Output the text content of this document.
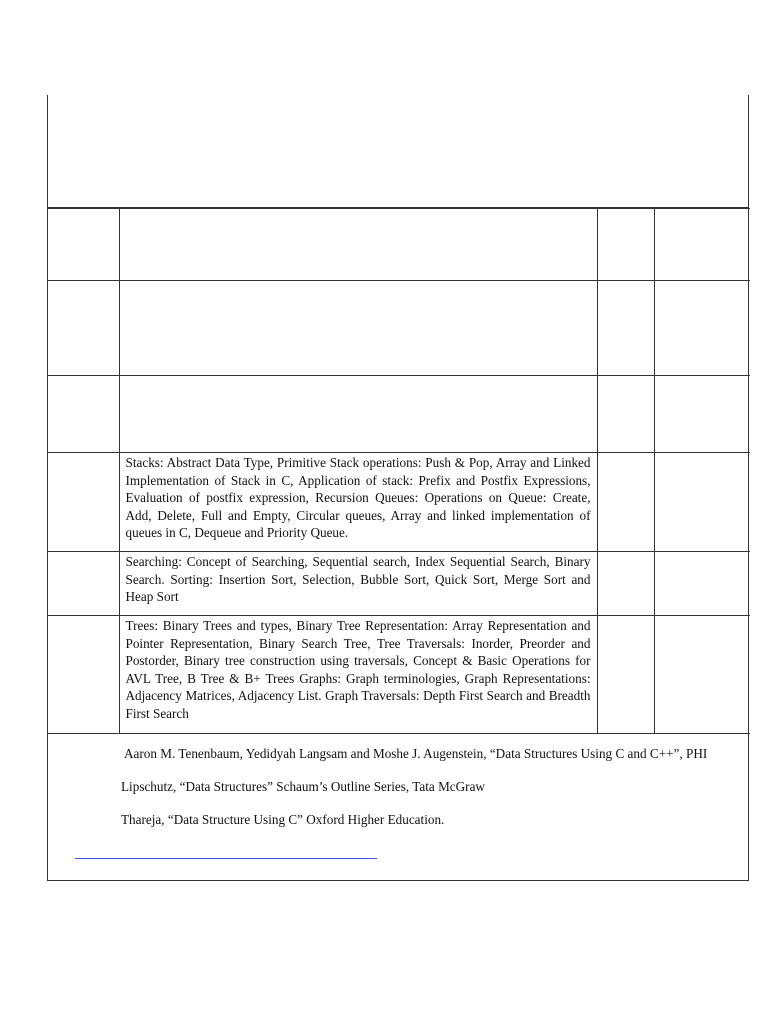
	Stacks: Abstract Data Type, Primitive Stack operations: Push & Pop, Array and Linked Implementation of Stack in C, Application of stack: Prefix and Postfix Expressions, Evaluation of postfix expression, Recursion Queues: Operations on Queue: Create, Add, Delete, Full and Empty, Circular queues, Array and linked implementation of queues in C, Dequeue and Priority Queue.		

	Searching: Concept of Searching, Sequential search, Index Sequential Search, Binary Search. Sorting: Insertion Sort, Selection, Bubble Sort, Quick Sort, Merge Sort and Heap Sort		

	Trees: Binary Trees and types, Binary Tree Representation: Array Representation and Pointer Representation, Binary Search Tree, Tree Traversals: Inorder, Preorder and Postorder, Binary tree construction using traversals, Concept & Basic Operations for AVL Tree, B Tree & B+ Trees Graphs: Graph terminologies, Graph Representations: Adjacency Matrices, Adjacency List. Graph Traversals: Depth First Search and Breadth First Search		

Aaron M. Tenenbaum, Yedidyah Langsam and Moshe J. Augenstein, “Data Structures Using C and C++”, PHI
Lipschutz, “Data Structures” Schaum’s Outline Series, Tata McGraw
Thareja, “Data Structure Using C” Oxford Higher Education.
